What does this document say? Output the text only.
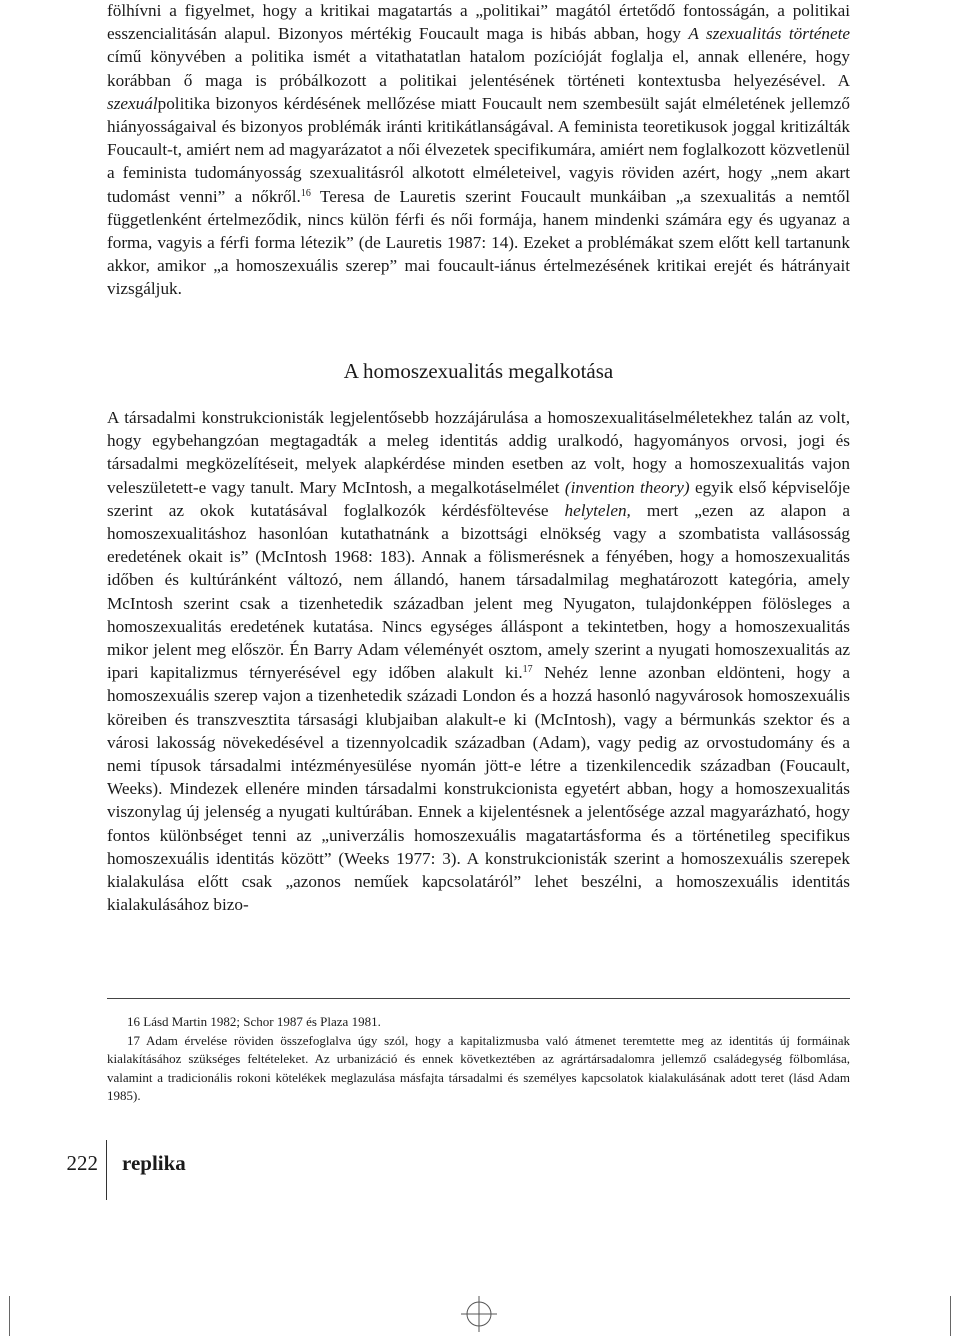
fölhívni a figyelmet, hogy a kritikai magatartás a „politikai” magától értetődő fontosságán, a politikai esszencialitásán alapul. Bizonyos mértékig Foucault maga is hibás abban, hogy A szexualitás története című könyvében a politika ismét a vitathatatlan hatalom pozícióját foglalja el, annak ellenére, hogy korábban ő maga is próbálkozott a politikai jelentésének történeti kontextusba helyezésével. A szexuálpolitika bizonyos kérdésének mellőzése miatt Foucault nem szembesült saját elméletének jellemző hiányosságaival és bizonyos problémák iránti kritikátlanságával. A feminista teoretikusok joggal kritizálták Foucault-t, amiért nem ad magyarázatot a női élvezetek specifikumára, amiért nem foglalkozott közvetlenül a feminista tudományosság szexualitásról alkotott elméleteivel, vagyis röviden azért, hogy „nem akart tudomást venni” a nőkről.$^{16}$ Teresa de Lauretis szerint Foucault munkáiban „a szexualitás a nemtől függetlenként értelmeződik, nincs külön férfi és női formája, hanem mindenki számára egy és ugyanaz a forma, vagyis a férfi forma létezik” (de Lauretis 1987: 14). Ezeket a problémákat szem előtt kell tartanunk akkor, amikor „a homoszexuális szerep” mai foucault-iánus értelmezésének kritikai erejét és hátrányait vizsgáljuk.

A homoszexualitás megalkotása

A társadalmi konstrukcionisták legjelentősebb hozzájárulása a homoszexualitáselméletekhez talán az volt, hogy egybehangzóan megtagadták a meleg identitás addig uralkodó, hagyományos orvosi, jogi és társadalmi megközelítéseit, melyek alapkérdése minden esetben az volt, hogy a homoszexualitás vajon veleszületett-e vagy tanult. Mary McIntosh, a megalkotáselmélet (invention theory) egyik első képviselője szerint az okok kutatásával foglalkozók kérdésföltevése helytelen, mert „ezen az alapon a homoszexualitáshoz hasonlóan kutathatnánk a bizottsági elnökség vagy a szombatista vallásosság eredetének okait is” (McIntosh 1968: 183). Annak a fölismerésnek a fényében, hogy a homoszexualitás időben és kultúránként változó, nem állandó, hanem társadalmilag meghatározott kategória, amely McIntosh szerint csak a tizenhetedik században jelent meg Nyugaton, tulajdonképpen fölösleges a homoszexualitás eredetének kutatása. Nincs egységes álláspont a tekintetben, hogy a homoszexualitás mikor jelent meg először. Én Barry Adam véleményét osztom, amely szerint a nyugati homoszexualitás az ipari kapitalizmus térnyerésével egy időben alakult ki.$^{17}$ Nehéz lenne azonban eldönteni, hogy a homoszexuális szerep vajon a tizenhetedik századi London és a hozzá hasonló nagyvárosok homoszexuális köreiben és transzvesztita társasági klubjaiban alakult-e ki (McIntosh), vagy a bérmunkás szektor és a városi lakosság növekedésével a tizennyolcadik században (Adam), vagy pedig az orvostudomány és a nemi típusok társadalmi intézményesülése nyomán jött-e létre a tizenkilencedik században (Foucault, Weeks). Mindezek ellenére minden társadalmi konstrukcionista egyetért abban, hogy a homoszexualitás viszonylag új jelenség a nyugati kultúrában. Ennek a kijelentésnek a jelentősége azzal magyarázható, hogy fontos különbséget tenni az „univerzális homoszexuális magatartásforma és a történetileg specifikus homoszexuális identitás között” (Weeks 1977: 3). A konstrukcionisták szerint a homoszexuális szerepek kialakulása előtt csak „azonos neműek kapcsolatáról” lehet beszélni, a homoszexuális identitás kialakulásához bizo-

16 Lásd Martin 1982; Schor 1987 és Plaza 1981.

17 Adam érvelése röviden összefoglalva úgy szól, hogy a kapitalizmusba való átmenet teremtette meg az identitás új formáinak kialakításához szükséges feltételeket. Az urbanizáció és ennek következtében az agrártársadalomra jellemző családegység fölbomlása, valamint a tradicionális rokoni kötelékek meglazulása másfajta társadalmi és személyes kapcsolatok kialakulásának adott teret (lásd Adam 1985).

222 replika
